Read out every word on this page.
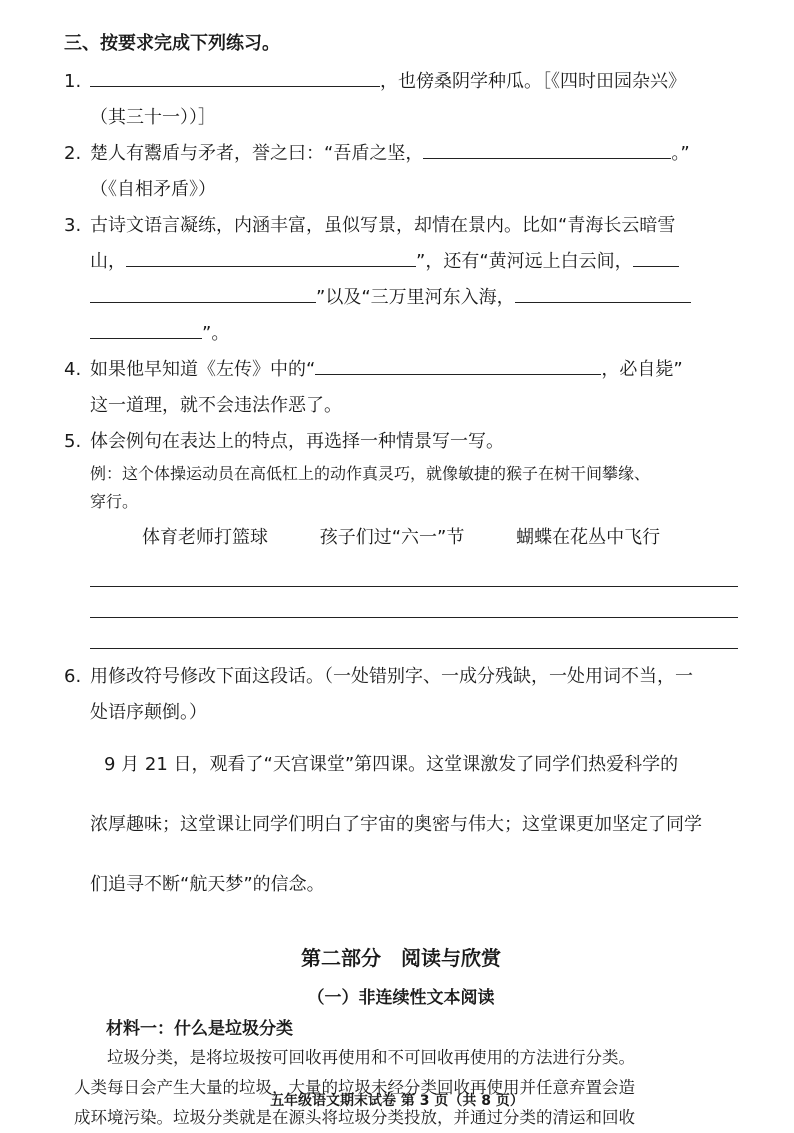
三、按要求完成下列练习。
1.	，也傍桑阴学种瓜。［《四时田园杂兴》
（其三十一））］
2. 楚人有鬻盾与矛者，誉之曰：“吾盾之坚，	。”
（《自相矛盾》）
3. 古诗文语言凝练，内涵丰富，虽似写景，却情在景内。比如“青海长云暗雪
山，	”，还有“黄河远上白云间，
”以及“三万里河东入海，
”。
4. 如果他早知道《左传》中的“	，必自毙”
这一道理，就不会违法作恶了。
5. 体会例句在表达上的特点，再选择一种情景写一写。
例：这个体操运动员在高低杠上的动作真灵巧，就像敏捷的猴子在树干间攀缘、
穿行。
体育老师打篮球	孩子们过“六一”节	蝴蝶在花丛中飞行
6. 用修改符号修改下面这段话。（一处错别字、一成分残缺，一处用词不当，一
处语序颠倒。）
9 月 21 日，观看了“天宫课堂”第四课。这堂课激发了同学们热爱科学的
浓厚趣味；这堂课让同学们明白了宇宙的奥密与伟大；这堂课更加坚定了同学
们追寻不断“航天梦”的信念。
第二部分 阅读与欣赏
（一）非连续性文本阅读
材料一：什么是垃圾分类
垃圾分类，是将垃圾按可回收再使用和不可回收再使用的方法进行分类。
人类每日会产生大量的垃圾，大量的垃圾未经分类回收再使用并任意弃置会造
成环境污染。垃圾分类就是在源头将垃圾分类投放，并通过分类的清运和回收
五年级语文期末试卷 第 3 页（共 8 页）
